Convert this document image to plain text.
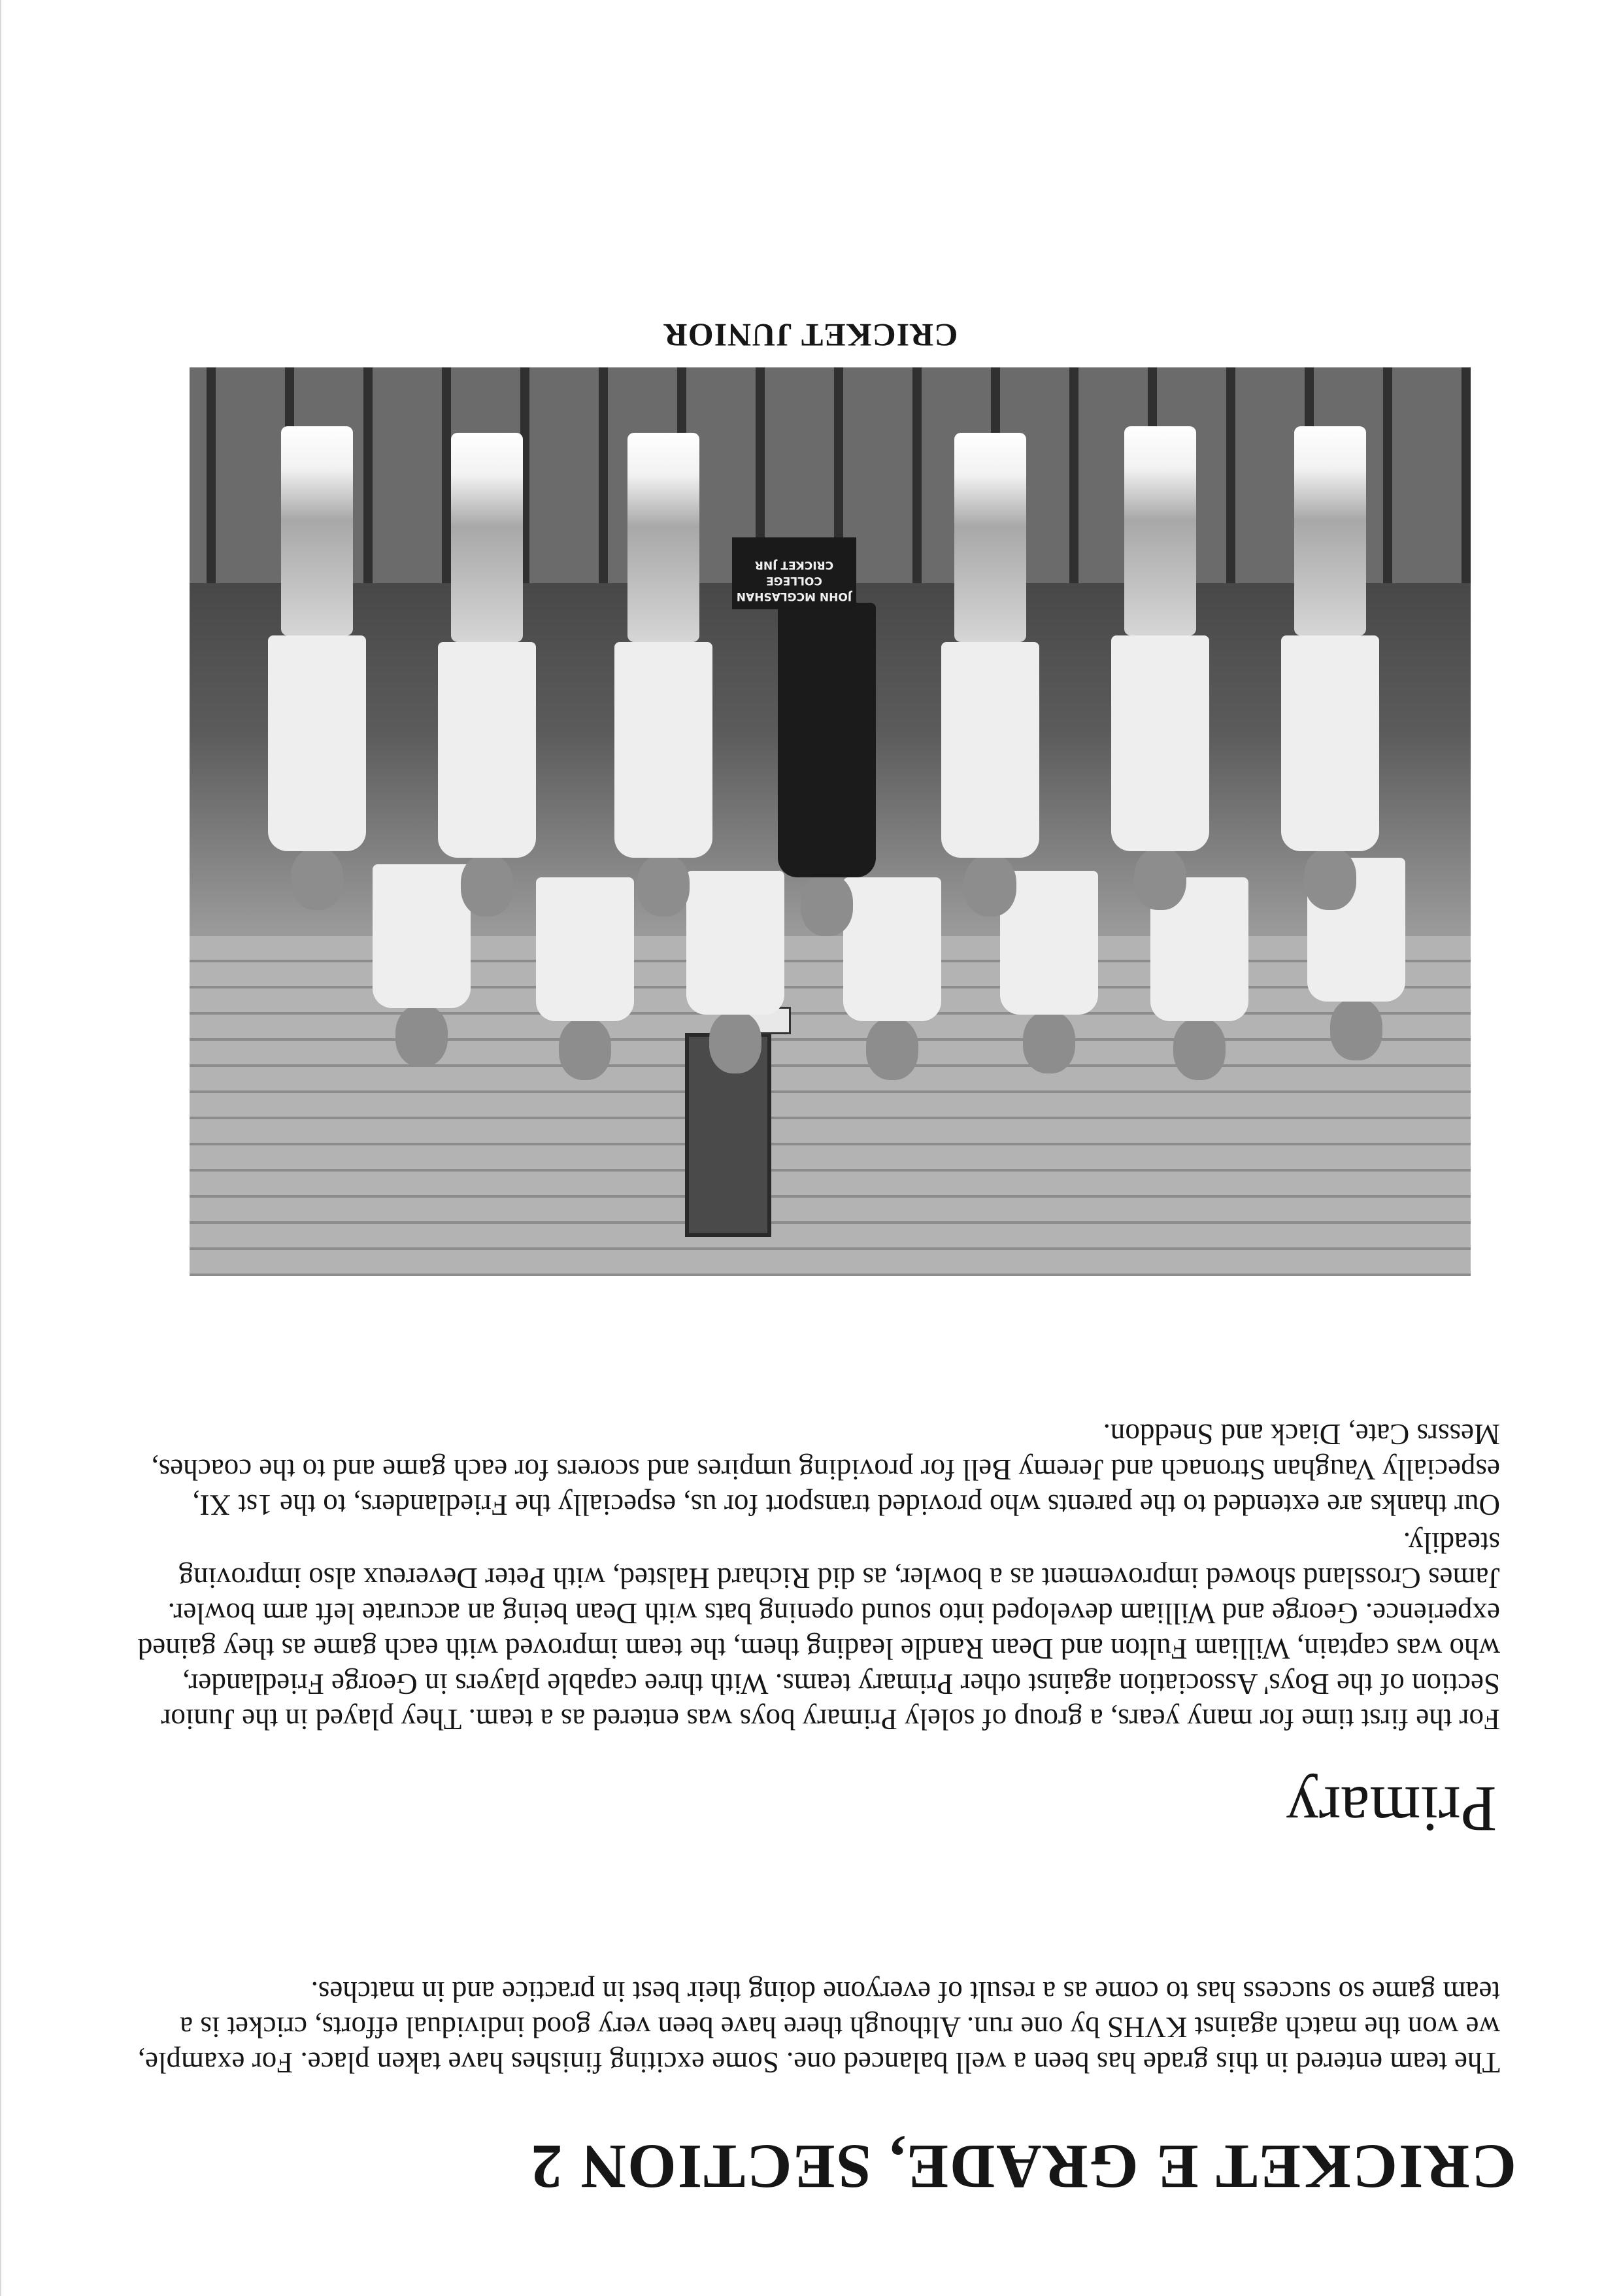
CRICKET E GRADE, SECTION 2

The team entered in this grade has been a well balanced one. Some exciting finishes have taken place. For example, we won the match against KVHS by one run. Although there have been very good individual efforts, cricket is a team game so success has to come as a result of everyone doing their best in practice and in matches.

Primary

For the first time for many years, a group of solely Primary boys was entered as a team. They played in the Junior Section of the Boys' Association against other Primary teams. With three capable players in George Friedlander, who was captain, William Fulton and Dean Randle leading them, the team improved with each game as they gained experience. George and William developed into sound opening bats with Dean being an accurate left arm bowler. James Crossland showed improvement as a bowler, as did Richard Halsted, with Peter Devereux also improving steadily.

Our thanks are extended to the parents who provided transport for us, especially the Friedlanders, to the 1st XI, especially Vaughan Stronach and Jeremy Bell for providing umpires and scorers for each game and to the coaches, Messrs Cate, Diack and Sneddon.

JOHN MCGLASHAN
COLLEGE
CRICKET JNR
CRICKET JUNIOR
